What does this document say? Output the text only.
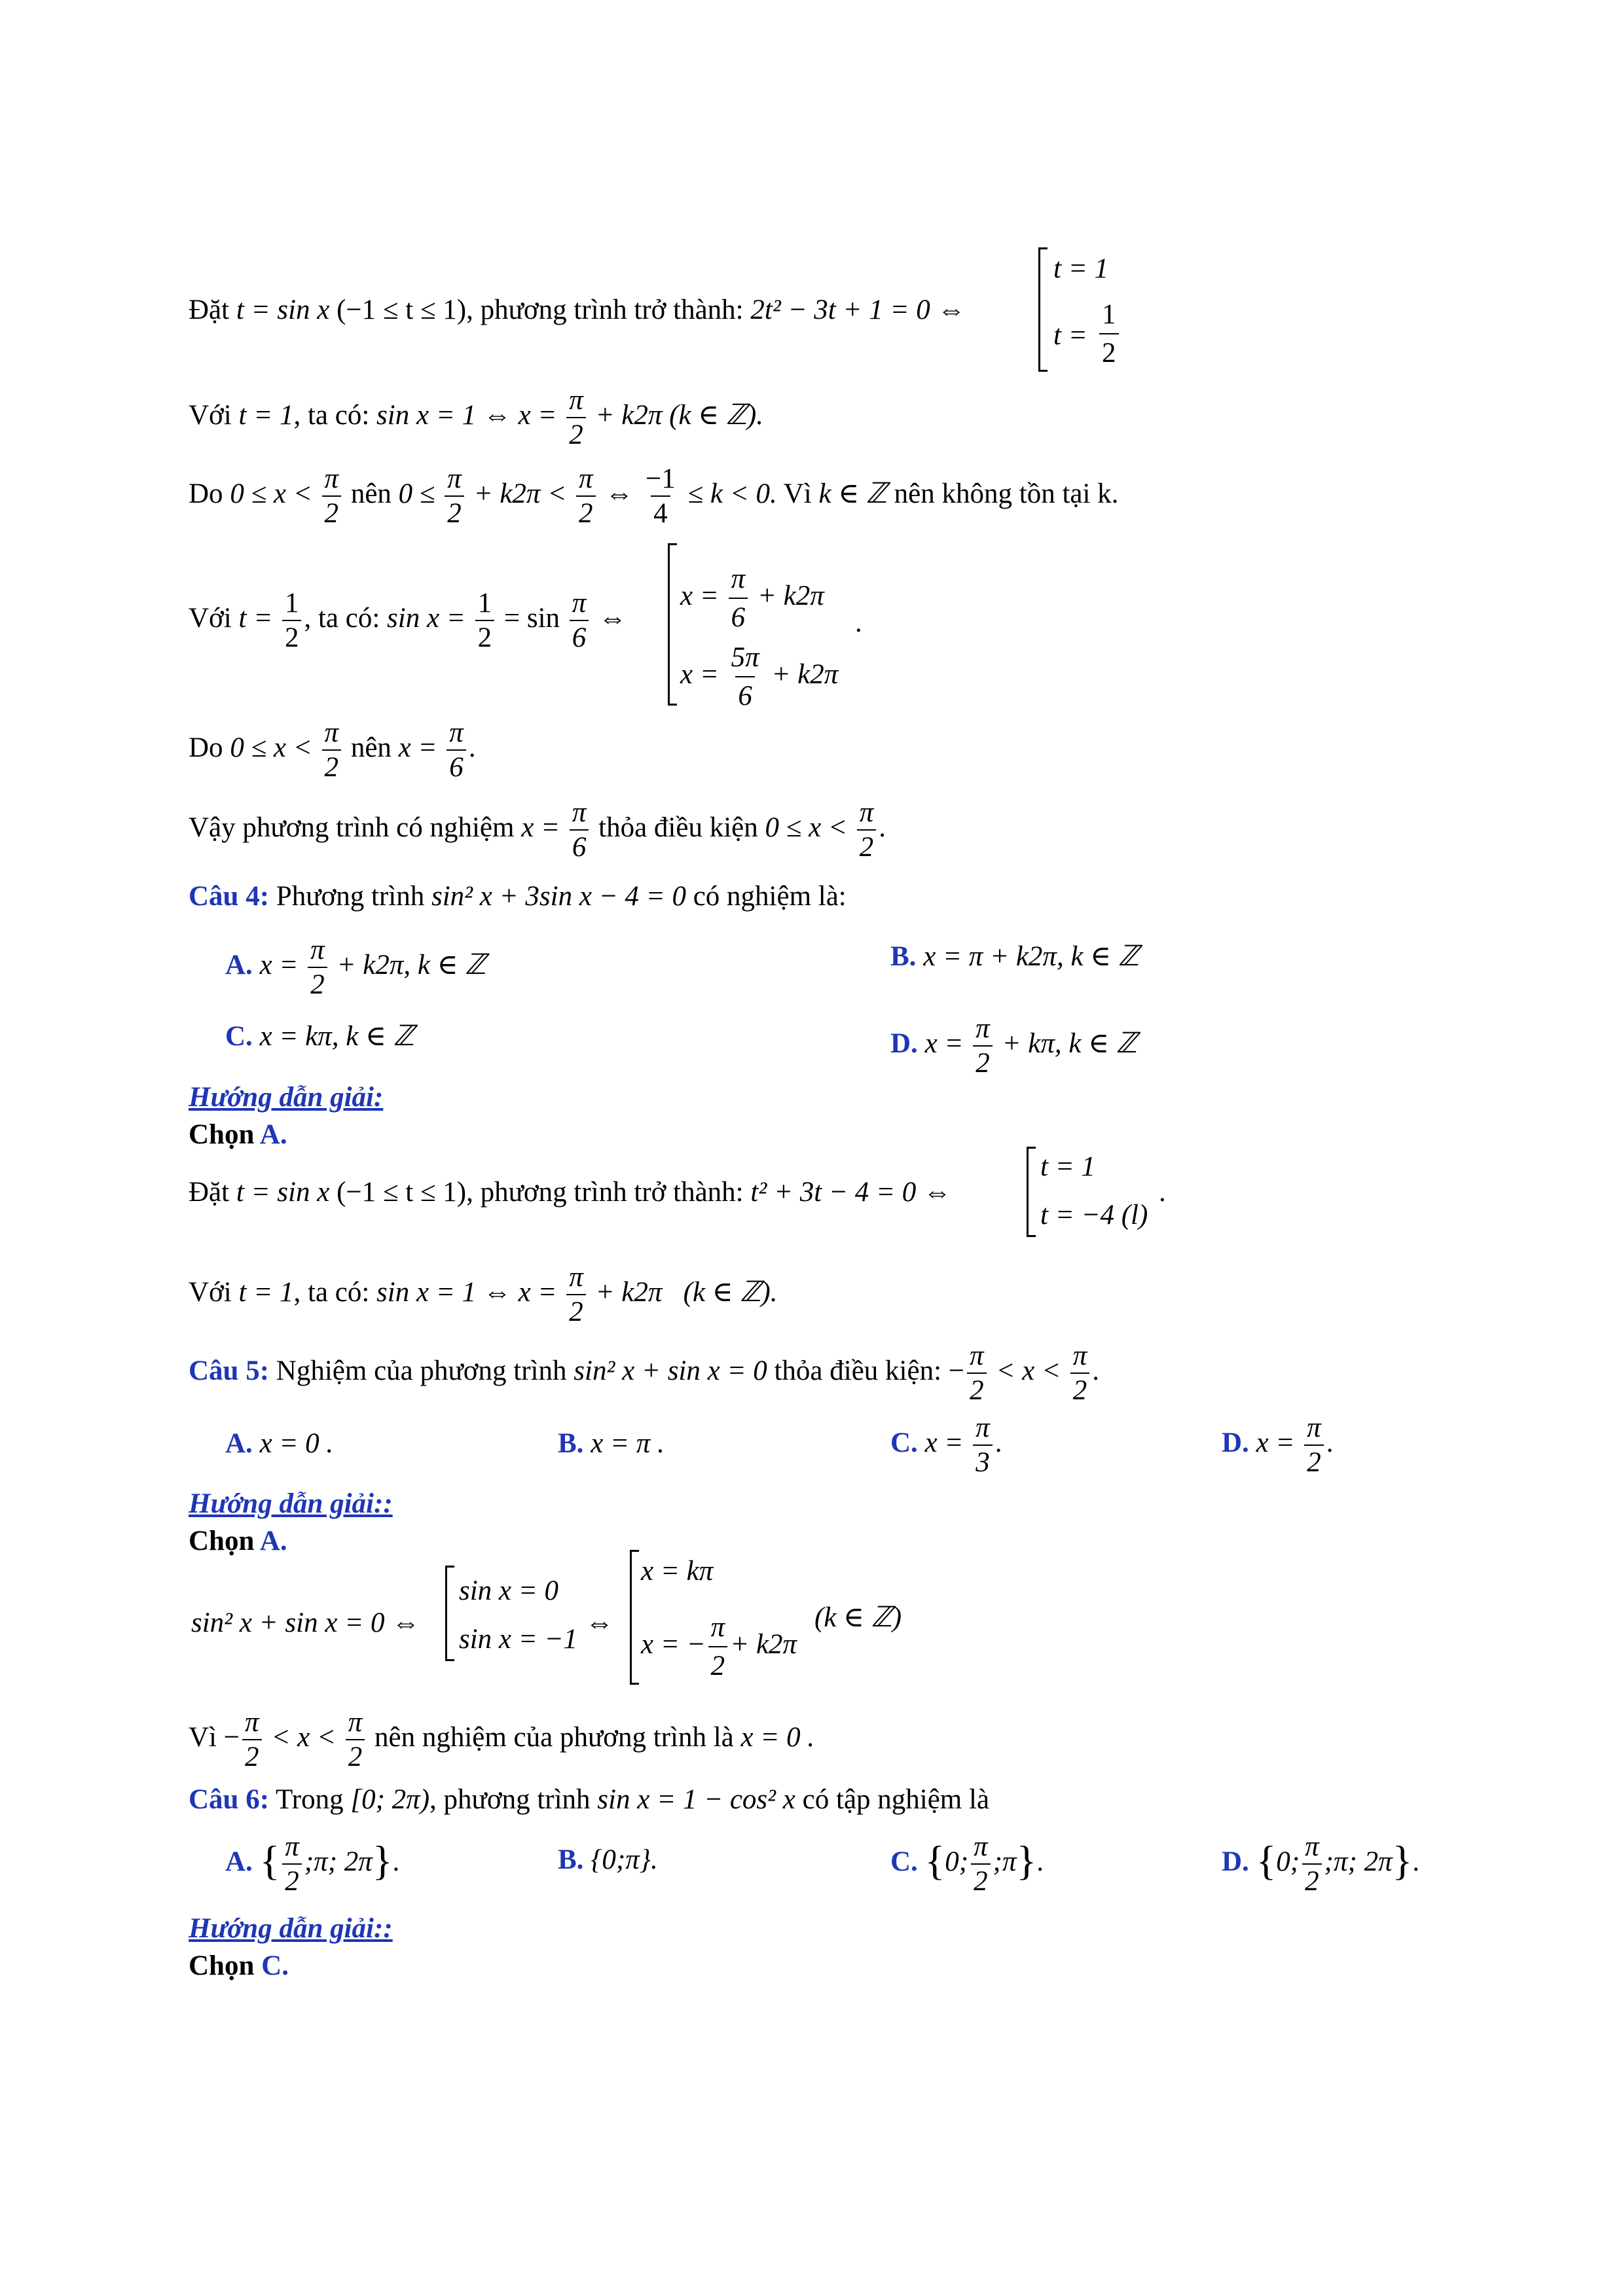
Đặt t = sin x (−1 ≤ t ≤ 1), phương trình trở thành: 2t² − 3t + 1 = 0 ⇔
t = 1
$t = \frac{1}{2}$
Với t = 1, ta có: sin x = 1 ⇔ $x = \frac{\pi}{2} + k2\pi$ (k ∈ ℤ).
Do $0 \le x < \frac{\pi}{2}$ nên $0 \le \frac{\pi}{2} + k2\pi < \frac{\pi}{2}$ ⇔ $\frac{-1}{4} \le k < 0$. Vì k ∈ ℤ nên không tồn tại k.
Với $t = \frac{1}{2}$ , ta có: $\sin x = \frac{1}{2} = \sin \frac{\pi}{6}$ ⇔
$x = \frac{\pi}{6} + k2\pi$
$x = \frac{5\pi}{6} + k2\pi$
.
Do $0 \le x < \frac{\pi}{2}$ nên $x = \frac{\pi}{6}$ .
Vậy phương trình có nghiệm $x = \frac{\pi}{6}$ thỏa điều kiện $0 \le x < \frac{\pi}{2}$ .
Câu 4: Phương trình sin² x + 3sin x − 4 = 0 có nghiệm là:
A. $x = \frac{\pi}{2} + k2\pi$, k ∈ ℤ	B. x = π + k2π, k ∈ ℤ
C. x = kπ, k ∈ ℤ	D. $x = \frac{\pi}{2} + k\pi$, k ∈ ℤ
Hướng dẫn giải:
Chọn A.
Đặt t = sin x (−1 ≤ t ≤ 1), phương trình trở thành: t² + 3t − 4 = 0 ⇔
t = 1
t = −4 (l)
.
Với t = 1, ta có: sin x = 1 ⇔ $x = \frac{\pi}{2} + k2\pi$ (k ∈ ℤ).
Câu 5: Nghiệm của phương trình sin² x + sin x = 0 thỏa điều kiện: − $\frac{\pi}{2} < x < \frac{\pi}{2}$ .
A. x = 0 .	B. x = π .	C. $x = \frac{\pi}{3}$ .	D. $x = \frac{\pi}{2}$ .
Hướng dẫn giải::
Chọn A.
sin² x + sin x = 0 ⇔
sin x = 0
sin x = −1
⇔
x = kπ
x = − $\frac{\pi}{2} + k2\pi$
(k ∈ ℤ)
Vì − $\frac{\pi}{2} < x < \frac{\pi}{2}$ nên nghiệm của phương trình là x = 0 .
Câu 6: Trong [0; 2π), phương trình sin x = 1 − cos² x có tập nghiệm là
A. { $\frac{\pi}{2}$ ;π; 2π}.	B. {0;π}.	C. {0; $\frac{\pi}{2}$ ;π}.	D. {0; $\frac{\pi}{2}$ ;π; 2π}.
Hướng dẫn giải::
Chọn C.
